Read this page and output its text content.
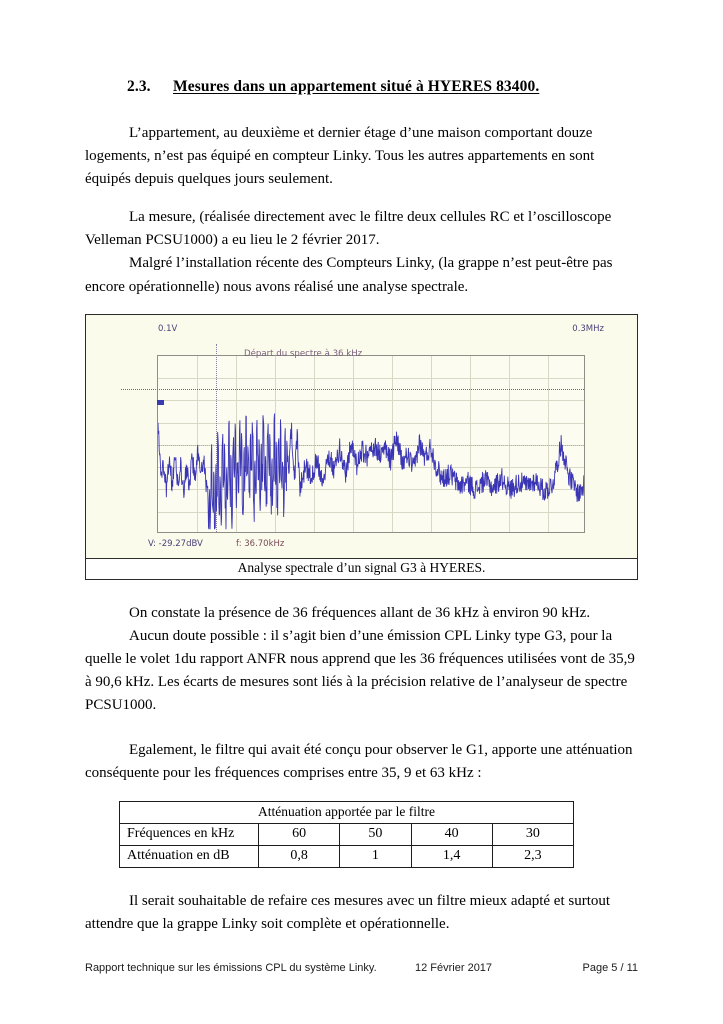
2.3. Mesures dans un appartement situé à HYERES 83400.

L’appartement, au deuxième et dernier étage d’une maison comportant douze logements, n’est pas équipé en compteur Linky. Tous les autres appartements en sont équipés depuis quelques jours seulement.

La mesure, (réalisée directement avec le filtre deux cellules RC et l’oscilloscope Velleman PCSU1000) a eu lieu le 2 février 2017.

Malgré l’installation récente des Compteurs Linky, (la grappe n’est peut-être pas encore opérationnelle) nous avons réalisé une analyse spectrale.

0.1V	0.3MHz
V: -29.27dBV	f: 36.70kHz
Départ du spectre à 36 kHz
Analyse spectrale d’un signal G3 à HYERES.

On constate la présence de 36 fréquences allant de 36 kHz à environ 90 kHz.

Aucun doute possible : il s’agit bien d’une émission CPL Linky type G3, pour la quelle le volet 1du rapport ANFR nous apprend que les 36 fréquences utilisées vont de 35,9 à 90,6 kHz. Les écarts de mesures sont liés à la précision relative de l’analyseur de spectre PCSU1000.

Egalement, le filtre qui avait été conçu pour observer le G1, apporte une atténuation conséquente pour les fréquences comprises entre 35, 9 et 63 kHz :

Atténuation apportée par le filtre				
Fréquences en kHz	60	50	40	30
Atténuation en dB	0,8	1	1,4	2,3

Il serait souhaitable de refaire ces mesures avec un filtre mieux adapté et surtout attendre que la grappe Linky soit complète et opérationnelle.

Rapport technique sur les émissions CPL du système Linky.	12 Février 2017	Page 5 / 11
